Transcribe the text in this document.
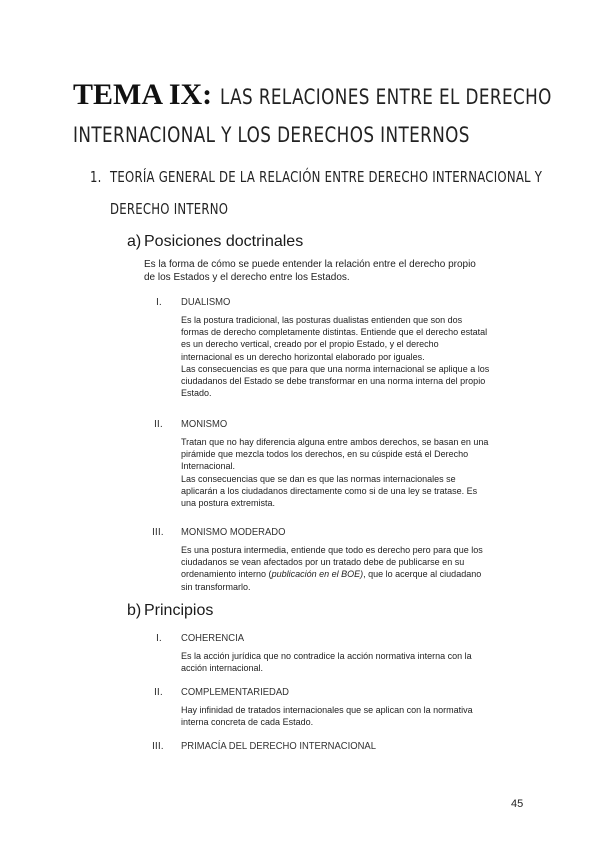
TEMA IX: LAS RELACIONES ENTRE EL DERECHO
INTERNACIONAL Y LOS DERECHOS INTERNOS
1. TEORÍA GENERAL DE LA RELACIÓN ENTRE DERECHO INTERNACIONAL Y
DERECHO INTERNO
a) Posiciones doctrinales
Es la forma de cómo se puede entender la relación entre el derecho propio
de los Estados y el derecho entre los Estados.
I. DUALISMO

Es la postura tradicional, las posturas dualistas entienden que son dos

formas de derecho completamente distintas. Entiende que el derecho estatal

es un derecho vertical, creado por el propio Estado, y el derecho

internacional es un derecho horizontal elaborado por iguales.

Las consecuencias es que para que una norma internacional se aplique a los

ciudadanos del Estado se debe transformar en una norma interna del propio

Estado.

II. MONISMO

Tratan que no hay diferencia alguna entre ambos derechos, se basan en una

pirámide que mezcla todos los derechos, en su cúspide está el Derecho

Internacional.

Las consecuencias que se dan es que las normas internacionales se

aplicarán a los ciudadanos directamente como si de una ley se tratase. Es

una postura extremista.

III. MONISMO MODERADO

Es una postura intermedia, entiende que todo es derecho pero para que los

ciudadanos se vean afectados por un tratado debe de publicarse en su

ordenamiento interno (publicación en el BOE), que lo acerque al ciudadano

sin transformarlo.

b) Principios
I. COHERENCIA

Es la acción jurídica que no contradice la acción normativa interna con la

acción internacional.

II. COMPLEMENTARIEDAD

Hay infinidad de tratados internacionales que se aplican con la normativa

interna concreta de cada Estado.

III. PRIMACÍA DEL DERECHO INTERNACIONAL
45
